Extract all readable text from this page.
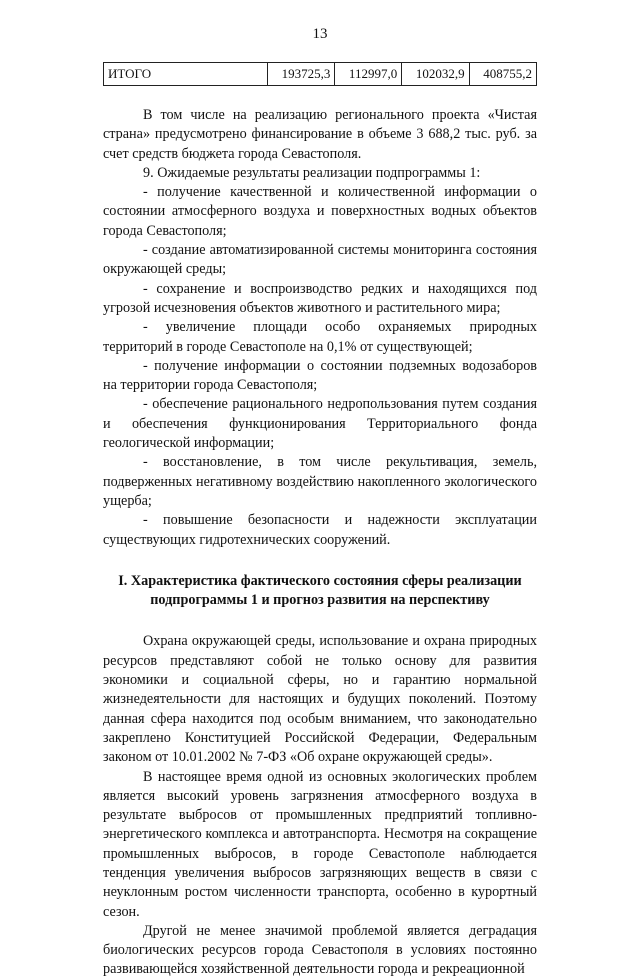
13
ИТОГО	193725,3	112997,0	102032,9	408755,2

В том числе на реализацию регионального проекта «Чистая страна» предусмотрено финансирование в объеме 3 688,2 тыс. руб. за счет средств бюджета города Севастополя.

9. Ожидаемые результаты реализации подпрограммы 1:

- получение качественной и количественной информации о состоянии атмосферного воздуха и поверхностных водных объектов города Севастополя;

- создание автоматизированной системы мониторинга состояния окружающей среды;

- сохранение и воспроизводство редких и находящихся под угрозой исчезновения объектов животного и растительного мира;

- увеличение площади особо охраняемых природных территорий в городе Севастополе на 0,1% от существующей;

- получение информации о состоянии подземных водозаборов на территории города Севастополя;

- обеспечение рационального недропользования путем создания и обеспечения функционирования Территориального фонда геологической информации;

- восстановление, в том числе рекультивация, земель, подверженных негативному воздействию накопленного экологического ущерба;

- повышение безопасности и надежности эксплуатации существующих гидротехнических сооружений.

I. Характеристика фактического состояния сферы реализации подпрограммы 1 и прогноз развития на перспективу

Охрана окружающей среды, использование и охрана природных ресурсов представляют собой не только основу для развития экономики и социальной сферы, но и гарантию нормальной жизнедеятельности для настоящих и будущих поколений. Поэтому данная сфера находится под особым вниманием, что законодательно закреплено Конституцией Российской Федерации, Федеральным законом от 10.01.2002 № 7-ФЗ «Об охране окружающей среды».

В настоящее время одной из основных экологических проблем является высокий уровень загрязнения атмосферного воздуха в результате выбросов от промышленных предприятий топливно-энергетического комплекса и автотранспорта. Несмотря на сокращение промышленных выбросов, в городе Севастополе наблюдается тенденция увеличения выбросов загрязняющих веществ в связи с неуклонным ростом численности транспорта, особенно в курортный сезон.

Другой не менее значимой проблемой является деградация биологических ресурсов города Севастополя в условиях постоянно развивающейся хозяйственной деятельности города и рекреационной
